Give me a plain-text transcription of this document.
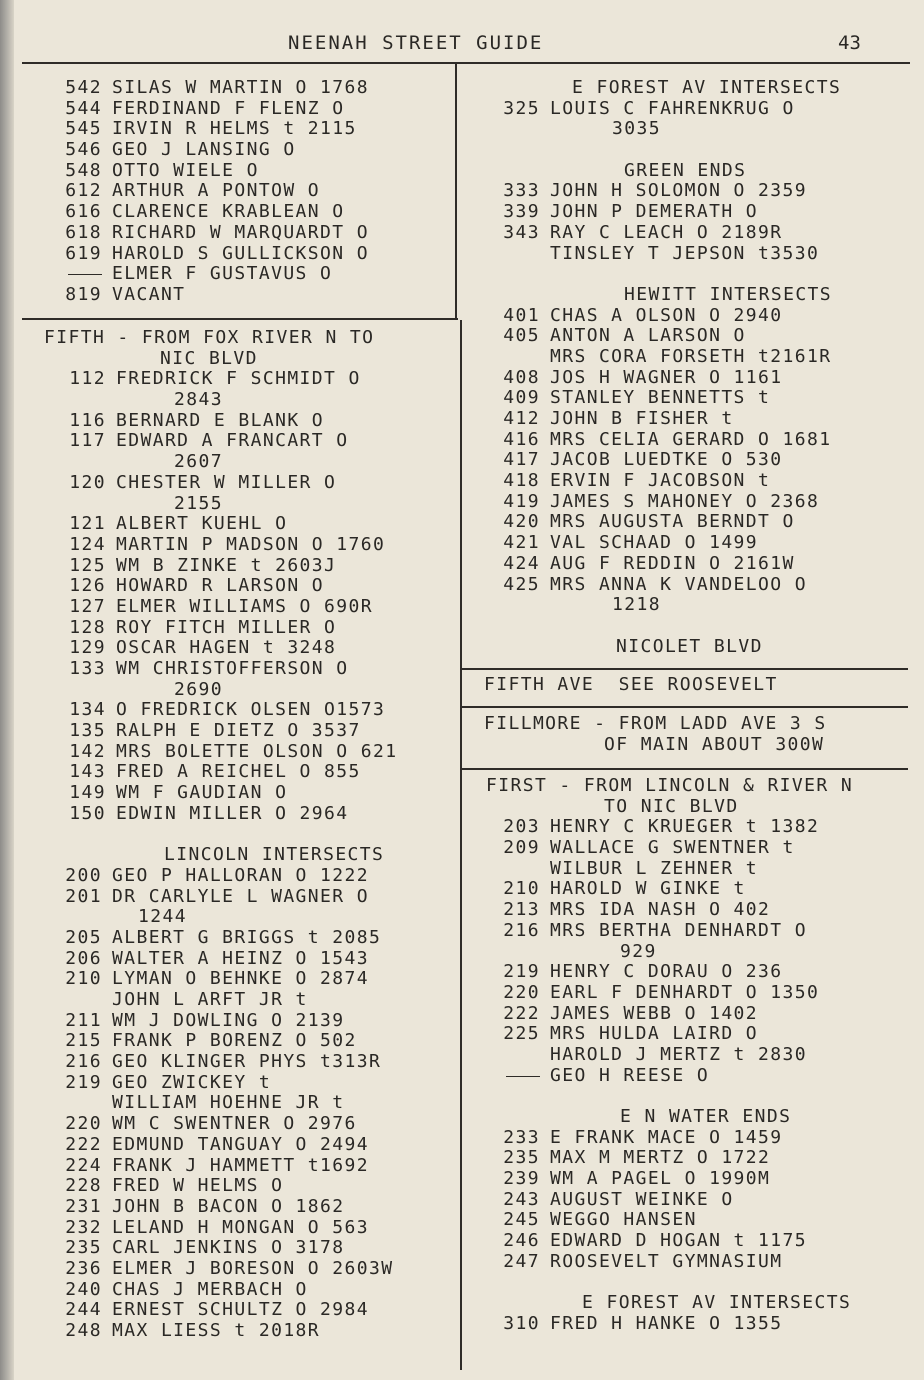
NEENAH STREET GUIDE	43
542 SILAS W MARTIN O 1768
544 FERDINAND F FLENZ O
545 IRVIN R HELMS t 2115
546 GEO J LANSING O
548 OTTO WIELE O
612 ARTHUR A PONTOW O
616 CLARENCE KRABLEAN O
618 RICHARD W MARQUARDT O
619 HAROLD S GULLICKSON O
ELMER F GUSTAVUS O
819 VACANT
FIFTH - FROM FOX RIVER N TO
NIC BLVD
112 FREDRICK F SCHMIDT O
2843
116 BERNARD E BLANK O
117 EDWARD A FRANCART O
2607
120 CHESTER W MILLER O
2155
121 ALBERT KUEHL O
124 MARTIN P MADSON O 1760
125 WM B ZINKE t 2603J
126 HOWARD R LARSON O
127 ELMER WILLIAMS O 690R
128 ROY FITCH MILLER O
129 OSCAR HAGEN t 3248
133 WM CHRISTOFFERSON O
2690
134 O FREDRICK OLSEN O1573
135 RALPH E DIETZ O 3537
142 MRS BOLETTE OLSON O 621
143 FRED A REICHEL O 855
149 WM F GAUDIAN O
150 EDWIN MILLER O 2964
LINCOLN INTERSECTS
200 GEO P HALLORAN O 1222
201 DR CARLYLE L WAGNER O
1244
205 ALBERT G BRIGGS t 2085
206 WALTER A HEINZ O 1543
210 LYMAN O BEHNKE O 2874
JOHN L ARFT JR t
211 WM J DOWLING O 2139
215 FRANK P BORENZ O 502
216 GEO KLINGER PHYS t313R
219 GEO ZWICKEY t
WILLIAM HOEHNE JR t
220 WM C SWENTNER O 2976
222 EDMUND TANGUAY O 2494
224 FRANK J HAMMETT t1692
228 FRED W HELMS O
231 JOHN B BACON O 1862
232 LELAND H MONGAN O 563
235 CARL JENKINS O 3178
236 ELMER J BORESON O 2603W
240 CHAS J MERBACH O
244 ERNEST SCHULTZ O 2984
248 MAX LIESS t 2018R
E FOREST AV INTERSECTS
325 LOUIS C FAHRENKRUG O
3035
GREEN ENDS
333 JOHN H SOLOMON O 2359
339 JOHN P DEMERATH O
343 RAY C LEACH O 2189R
TINSLEY T JEPSON t3530
HEWITT INTERSECTS
401 CHAS A OLSON O 2940
405 ANTON A LARSON O
MRS CORA FORSETH t2161R
408 JOS H WAGNER O 1161
409 STANLEY BENNETTS t
412 JOHN B FISHER t
416 MRS CELIA GERARD O 1681
417 JACOB LUEDTKE O 530
418 ERVIN F JACOBSON t
419 JAMES S MAHONEY O 2368
420 MRS AUGUSTA BERNDT O
421 VAL SCHAAD O 1499
424 AUG F REDDIN O 2161W
425 MRS ANNA K VANDELOO O
1218
NICOLET BLVD
FIFTH AVE  SEE ROOSEVELT
FILLMORE - FROM LADD AVE 3 S
OF MAIN ABOUT 300W
FIRST - FROM LINCOLN & RIVER N
TO NIC BLVD
203 HENRY C KRUEGER t 1382
209 WALLACE G SWENTNER t
WILBUR L ZEHNER t
210 HAROLD W GINKE t
213 MRS IDA NASH O 402
216 MRS BERTHA DENHARDT O
929
219 HENRY C DORAU O 236
220 EARL F DENHARDT O 1350
222 JAMES WEBB O 1402
225 MRS HULDA LAIRD O
HAROLD J MERTZ t 2830
GEO H REESE O
E N WATER ENDS
233 E FRANK MACE O 1459
235 MAX M MERTZ O 1722
239 WM A PAGEL O 1990M
243 AUGUST WEINKE O
245 WEGGO HANSEN
246 EDWARD D HOGAN t 1175
247 ROOSEVELT GYMNASIUM
E FOREST AV INTERSECTS
310 FRED H HANKE O 1355
